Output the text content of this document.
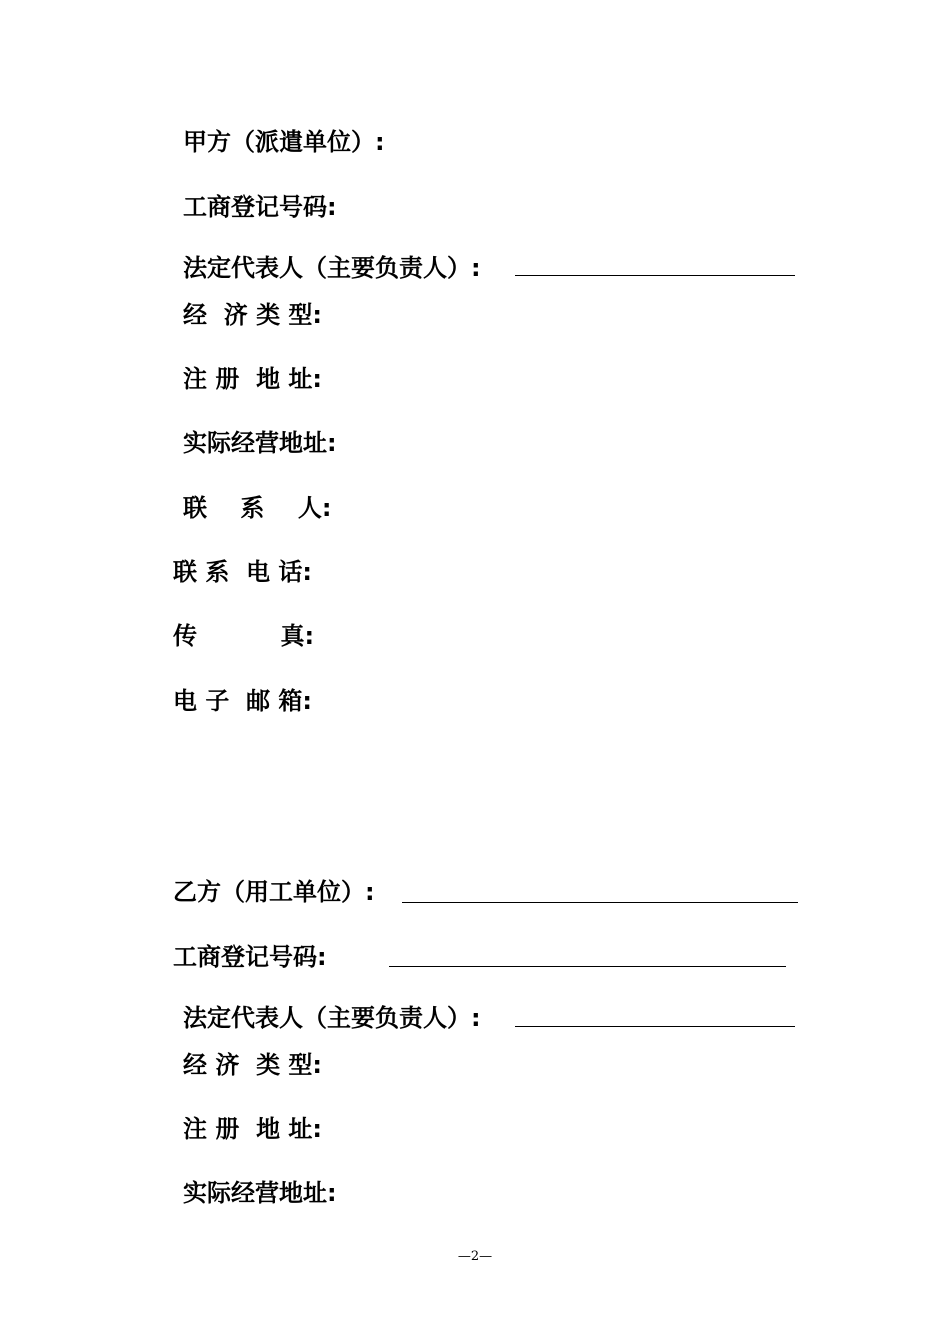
甲方（派遣单位）:
工商登记号码:
法定代表人（主要负责人）:
经  济 类 型:
注 册  地 址:
实际经营地址:
联    系    人:
联 系  电 话:
传          真:
电 子  邮 箱:
乙方（用工单位）:
工商登记号码:
法定代表人（主要负责人）:
经 济  类 型:
注 册  地 址:
实际经营地址:
—2—
